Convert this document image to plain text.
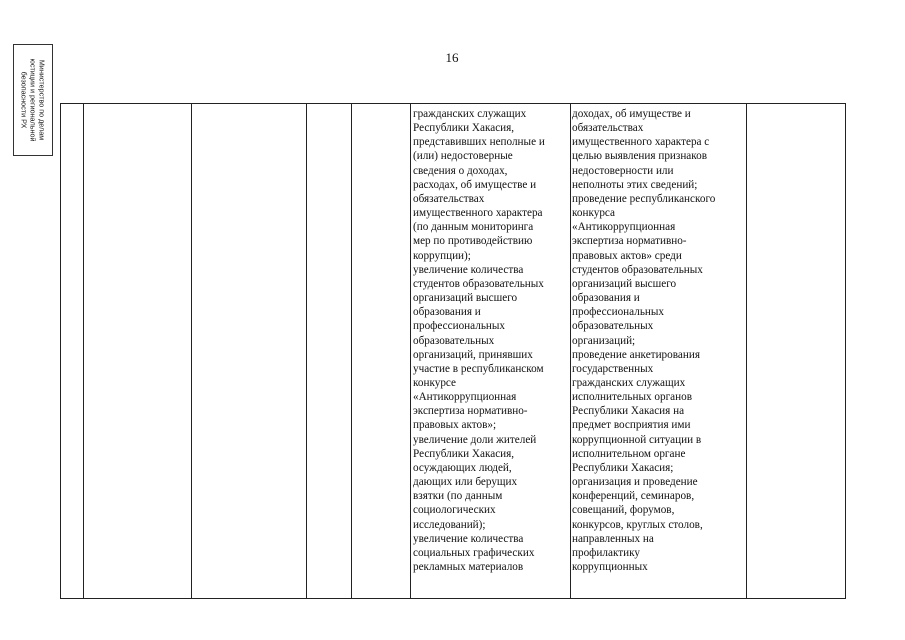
16
Министерство по делам
юстиции и региональной
безопасности РХ	гражданских служащих
Республики Хакасия,
представивших неполные и
(или) недостоверные
сведения о доходах,
расходах, об имуществе и
обязательствах
имущественного характера
(по данным мониторинга
мер по противодействию
коррупции);
увеличение количества
студентов образовательных
организаций высшего
образования и
профессиональных
образовательных
организаций, принявших
участие в республиканском
конкурсе
«Антикоррупционная
экспертиза нормативно-
правовых актов»;
увеличение доли жителей
Республики Хакасия,
осуждающих людей,
дающих или берущих
взятки (по данным
социологических
исследований);
увеличение количества
социальных графических
рекламных материалов

доходах, об имуществе и
обязательствах
имущественного характера с
целью выявления признаков
недостоверности или
неполноты этих сведений;
проведение республиканского
конкурса
«Антикоррупционная
экспертиза нормативно-
правовых актов» среди
студентов образовательных
организаций высшего
образования и
профессиональных
образовательных
организаций;
проведение анкетирования
государственных
гражданских служащих
исполнительных органов
Республики Хакасия на
предмет восприятия ими
коррупционной ситуации в
исполнительном органе
Республики Хакасия;
организация и проведение
конференций, семинаров,
совещаний, форумов,
конкурсов, круглых столов,
направленных на
профилактику
коррупционных
